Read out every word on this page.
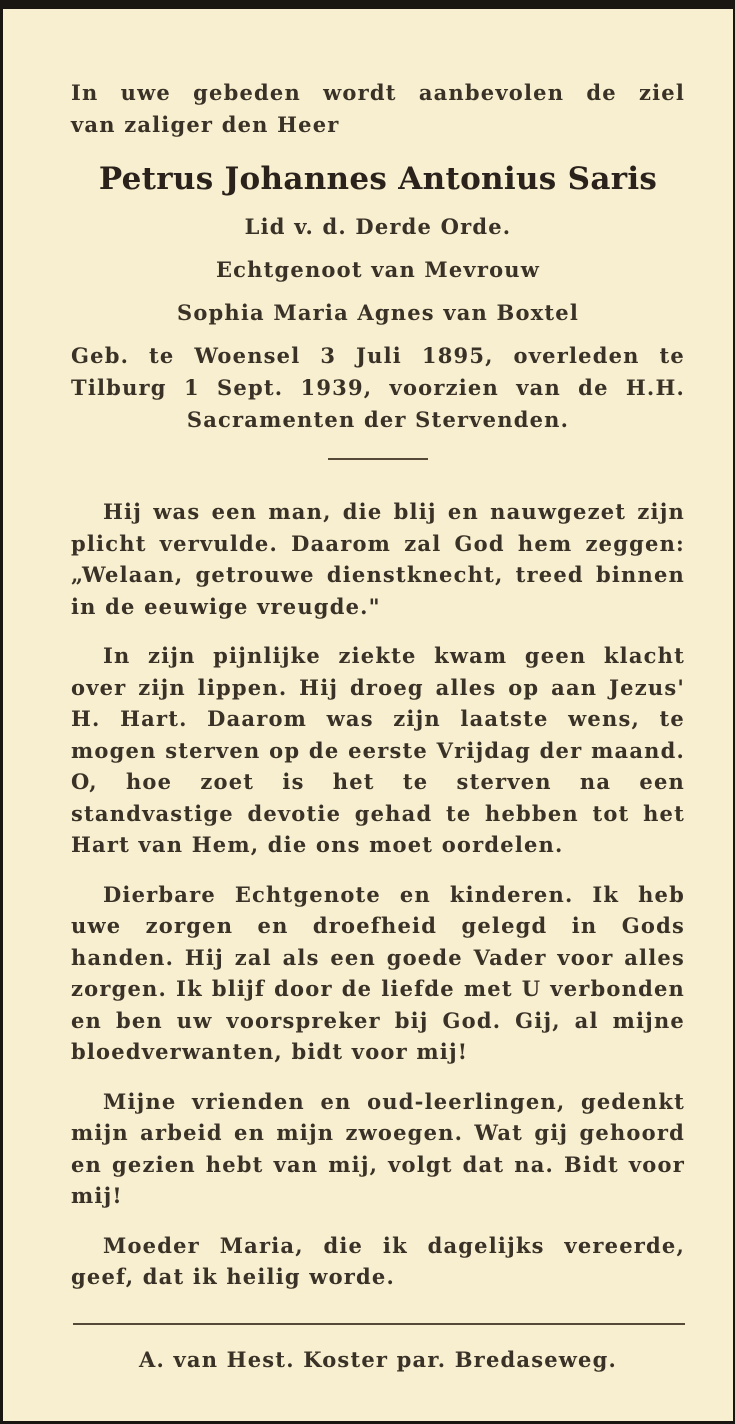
In uwe gebeden wordt aanbevolen de ziel

van zaliger den Heer

Petrus Johannes Antonius Saris
Lid v. d. Derde Orde.
Echtgenoot van Mevrouw
Sophia Maria Agnes van Boxtel

Geb. te Woensel 3 Juli 1895, overleden te Tilburg 1 Sept. 1939, voorzien van de H.H. Sacramenten der Stervenden.

Hij was een man, die blij en nauwgezet zijn plicht vervulde. Daarom zal God hem zeggen: „Welaan, getrouwe dienstknecht, treed binnen in de eeuwige vreugde."

In zijn pijnlijke ziekte kwam geen klacht over zijn lippen. Hij droeg alles op aan Jezus' H. Hart. Daarom was zijn laatste wens, te mogen sterven op de eerste Vrijdag der maand. O, hoe zoet is het te sterven na een standvastige devotie gehad te hebben tot het Hart van Hem, die ons moet oordelen.

Dierbare Echtgenote en kinderen. Ik heb uwe zorgen en droefheid gelegd in Gods handen. Hij zal als een goede Vader voor alles zorgen. Ik blijf door de liefde met U verbonden en ben uw voorspreker bij God. Gij, al mijne bloedverwanten, bidt voor mij!

Mijne vrienden en oud-leerlingen, gedenkt mijn arbeid en mijn zwoegen. Wat gij gehoord en gezien hebt van mij, volgt dat na. Bidt voor mij!

Moeder Maria, die ik dagelijks vereerde, geef, dat ik heilig worde.

A. van Hest. Koster par. Bredaseweg.
